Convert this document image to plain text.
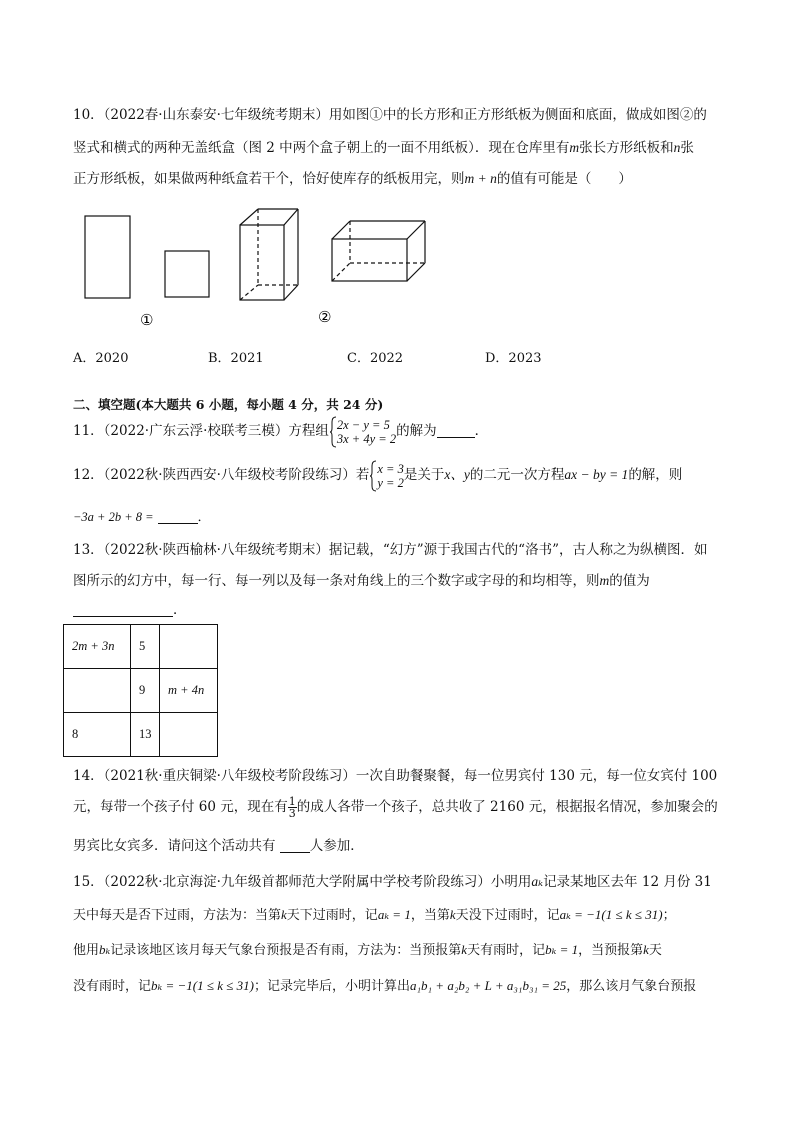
10．（2022春·山东泰安·七年级统考期末）用如图①中的长方形和正方形纸板为侧面和底面，做成如图②的
竖式和横式的两种无盖纸盒（图 2 中两个盒子朝上的一面不用纸板）．现在仓库里有m张长方形纸板和n张
正方形纸板，如果做两种纸盒若干个，恰好使库存的纸板用完，则m + n的值有可能是（　　）
①	②
A．2020	B．2021	C．2022	D．2023
二、填空题(本大题共 6 小题，每小题 4 分，共 24 分)
11．（2022·广东云浮·校联考三模）方程组 2x − y = 5
3x + 4y = 2 的解为	．
12．（2022秋·陕西西安·八年级校考阶段练习）若 x = 3
y = 2 是关于x、y的二元一次方程ax − by = 1的解，则
−3a + 2b + 8 =	．
13．（2022秋·陕西榆林·八年级统考期末）据记载，“幻方”源于我国古代的“洛书”，古人称之为纵横图．如
图所示的幻方中，每一行、每一列以及每一条对角线上的三个数字或字母的和均相等，则m的值为
．
2m + 3n	5	
	9	m + 4n
8	13	
14．（2021秋·重庆铜梁·八年级校考阶段练习）一次自助餐聚餐，每一位男宾付 130 元，每一位女宾付 100
元，每带一个孩子付 60 元，现在有 $\frac{1}{3}$ 的成人各带一个孩子，总共收了 2160 元，根据报名情况，参加聚会的
男宾比女宾多．请问这个活动共有	人参加．
15．（2022秋·北京海淀·九年级首都师范大学附属中学校考阶段练习）小明用aₖ记录某地区去年 12 月份 31
天中每天是否下过雨，方法为：当第k天下过雨时，记aₖ = 1，当第k天没下过雨时，记aₖ = −1(1 ≤ k ≤ 31)；
他用bₖ记录该地区该月每天气象台预报是否有雨，方法为：当预报第k天有雨时，记bₖ = 1，当预报第k天
没有雨时，记bₖ = −1(1 ≤ k ≤ 31)；记录完毕后，小明计算出a₁b₁ + a₂b₂ + L + a₃₁b₃₁ = 25，那么该月气象台预报
